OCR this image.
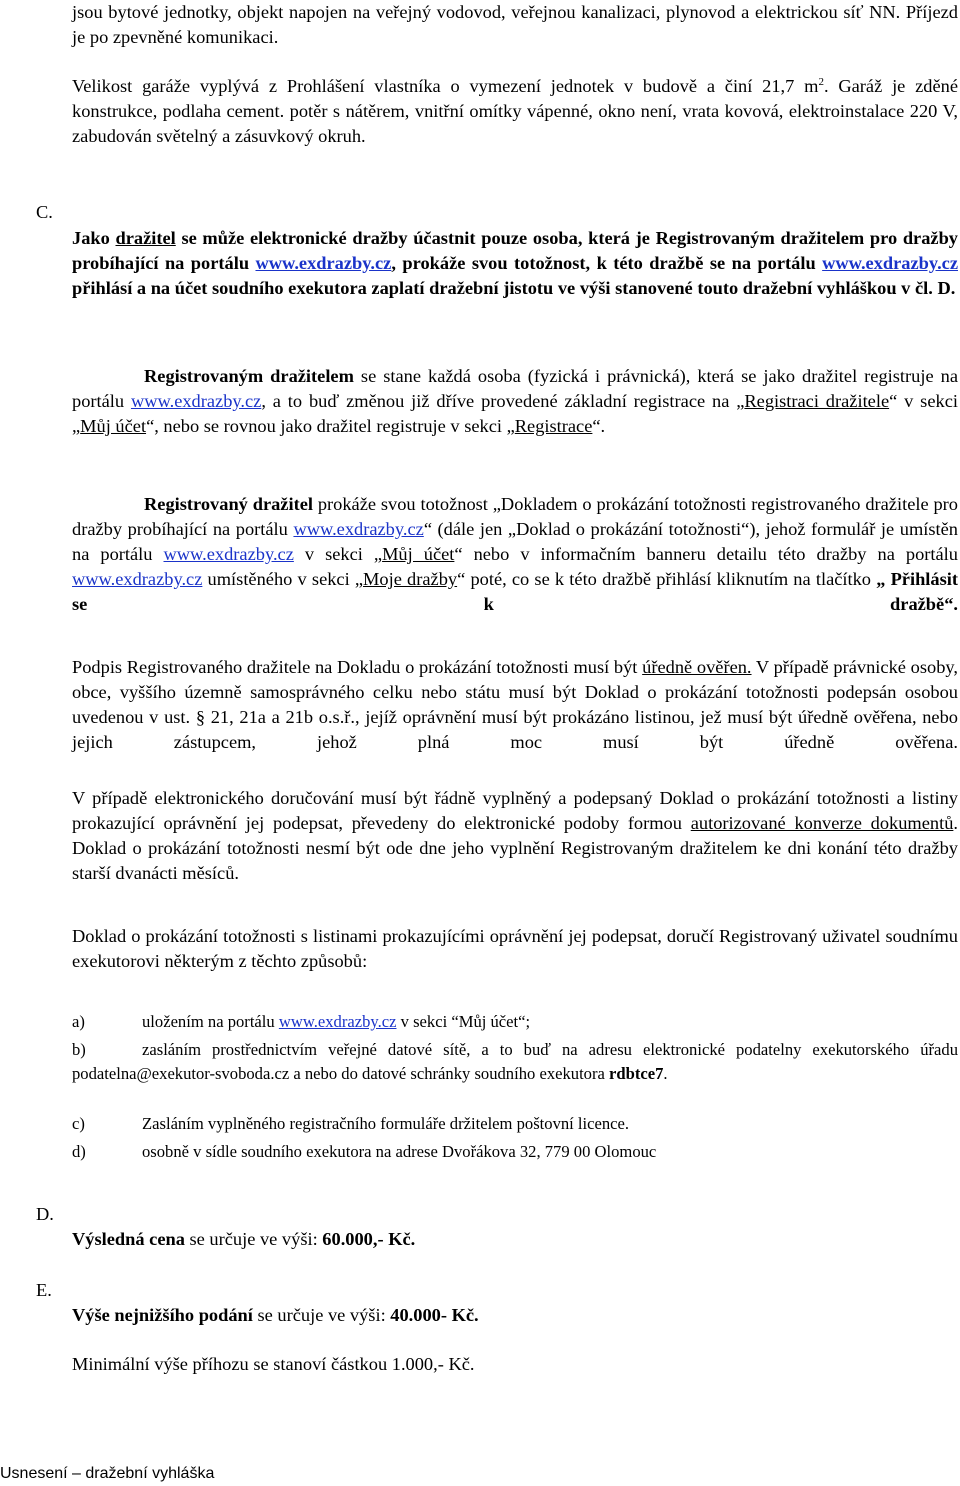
jsou bytové jednotky, objekt napojen na veřejný vodovod, veřejnou kanalizaci, plynovod a elektrickou síť NN. Příjezd je po zpevněné komunikaci.
Velikost garáže vyplývá z Prohlášení vlastníka o vymezení jednotek v budově a činí 21,7 $m^2$. Garáž je zděné konstrukce, podlaha cement. potěr s nátěrem, vnitřní omítky vápenné, okno není, vrata kovová, elektroinstalace 220 V, zabudován světelný a zásuvkový okruh.
C.
Jako dražitel se může elektronické dražby účastnit pouze osoba, která je Registrovaným dražitelem pro dražby probíhající na portálu www.exdrazby.cz, prokáže svou totožnost, k této dražbě se na portálu www.exdrazby.cz přihlásí a na účet soudního exekutora zaplatí dražební jistotu ve výši stanovené touto dražební vyhláškou v čl. D.
Registrovaným dražitelem se stane každá osoba (fyzická i právnická), která se jako dražitel registruje na portálu www.exdrazby.cz, a to buď změnou již dříve provedené základní registrace na „Registraci dražitele“ v sekci „Můj účet“, nebo se rovnou jako dražitel registruje v sekci „Registrace“.
Registrovaný dražitel prokáže svou totožnost „Dokladem o prokázání totožnosti registrovaného dražitele pro dražby probíhající na portálu www.exdrazby.cz“ (dále jen „Doklad o prokázání totožnosti“), jehož formulář je umístěn na portálu www.exdrazby.cz v sekci „Můj účet“ nebo v informačním banneru detailu této dražby na portálu www.exdrazby.cz umístěného v sekci „Moje dražby“ poté, co se k této dražbě přihlásí kliknutím na tlačítko „ Přihlásit se k dražbě“.
Podpis Registrovaného dražitele na Dokladu o prokázání totožnosti musí být úředně ověřen. V případě právnické osoby, obce, vyššího územně samosprávného celku nebo státu musí být Doklad o prokázání totožnosti podepsán osobou uvedenou v ust. § 21, 21a a 21b o.s.ř., jejíž oprávnění musí být prokázáno listinou, jež musí být úředně ověřena, nebo jejich zástupcem, jehož plná moc musí být úředně ověřena.
V případě elektronického doručování musí být řádně vyplněný a podepsaný Doklad o prokázání totožnosti a listiny prokazující oprávnění jej podepsat, převedeny do elektronické podoby formou autorizované konverze dokumentů. Doklad o prokázání totožnosti nesmí být ode dne jeho vyplnění Registrovaným dražitelem ke dni konání této dražby starší dvanácti měsíců.
Doklad o prokázání totožnosti s listinami prokazujícími oprávnění jej podepsat, doručí Registrovaný uživatel soudnímu exekutorovi některým z těchto způsobů:
a)	uložením na portálu www.exdrazby.cz v sekci “Můj účet“;
b)	zasláním prostřednictvím veřejné datové sítě, a to buď na adresu elektronické podatelny exekutorského úřadu podatelna@exekutor-svoboda.cz a nebo do datové schránky soudního exekutora rdbtce7.
c)	Zasláním vyplněného registračního formuláře držitelem poštovní licence.
d)	osobně v sídle soudního exekutora na adrese Dvořákova 32, 779 00 Olomouc
D.
Výsledná cena se určuje ve výši: 60.000,- Kč.
E.
Výše nejnižšího podání se určuje ve výši: 40.000- Kč.
Minimální výše příhozu se stanoví částkou 1.000,- Kč.
Usnesení – dražební vyhláška
